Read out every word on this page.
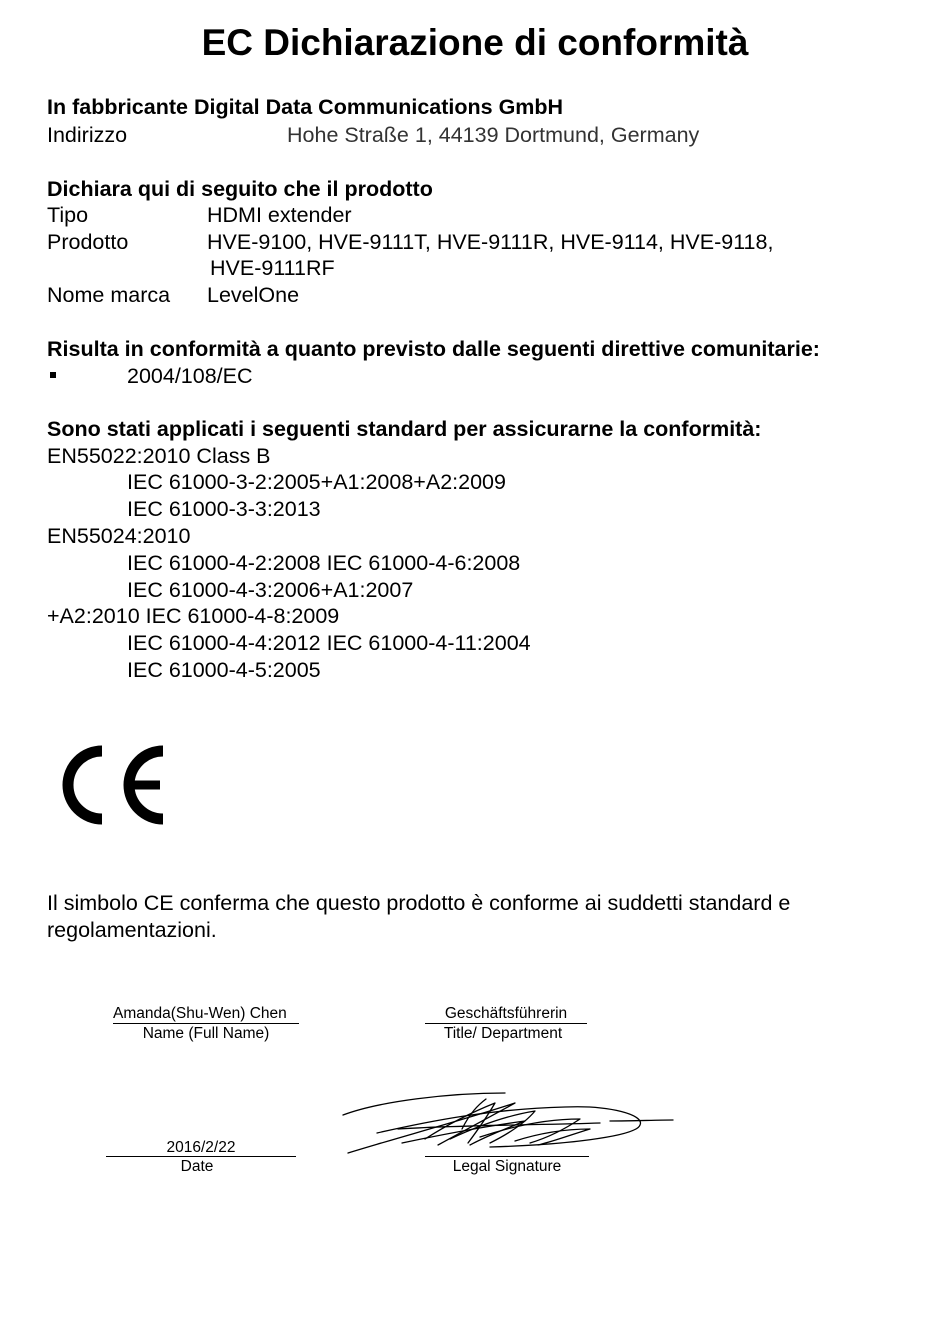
EC Dichiarazione di conformità
In fabbricante Digital Data Communications GmbH
Indirizzo	Hohe Straße 1, 44139 Dortmund, Germany
Dichiara qui di seguito che il prodotto
Tipo	HDMI extender
Prodotto	HVE-9100, HVE-9111T, HVE-9111R, HVE-9114, HVE-9118,
HVE-9111RF
Nome marca LevelOne
Risulta in conformità a quanto previsto dalle seguenti direttive comunitarie:
2004/108/EC
Sono stati applicati i seguenti standard per assicurarne la conformità:
EN55022:2010 Class B
IEC 61000-3-2:2005+A1:2008+A2:2009
IEC 61000-3-3:2013
EN55024:2010
IEC 61000-4-2:2008 IEC 61000-4-6:2008
IEC 61000-4-3:2006+A1:2007
+A2:2010 IEC 61000-4-8:2009
IEC 61000-4-4:2012 IEC 61000-4-11:2004
IEC 61000-4-5:2005
Il simbolo CE conferma che questo prodotto è conforme ai suddetti standard e
regolamentazioni.
Amanda(Shu-Wen) Chen
Name (Full Name)
Geschäftsführerin
Title/ Department
2016/2/22
Date	Legal Signature
